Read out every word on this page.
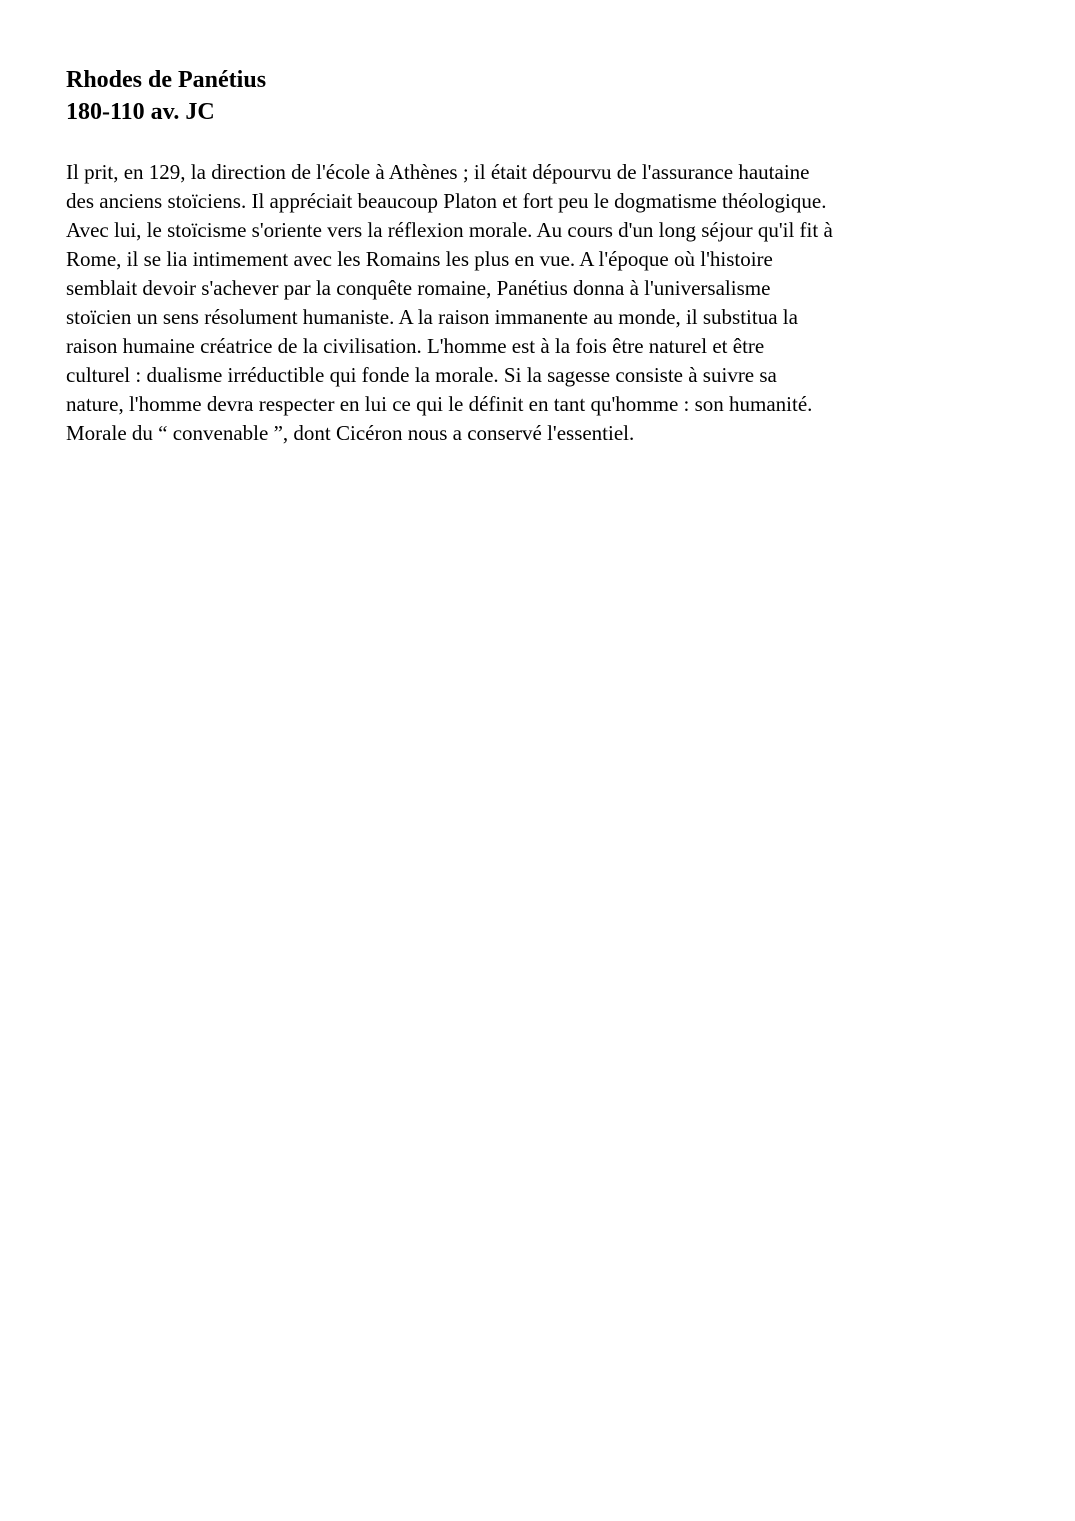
Rhodes de Panétius
180-110 av. JC

Il prit, en 129, la direction de l'école à Athènes ; il était dépourvu de l'assurance hautaine
des anciens stoïciens. Il appréciait beaucoup Platon et fort peu le dogmatisme théologique.
Avec lui, le stoïcisme s'oriente vers la réflexion morale. Au cours d'un long séjour qu'il fit à
Rome, il se lia intimement avec les Romains les plus en vue. A l'époque où l'histoire
semblait devoir s'achever par la conquête romaine, Panétius donna à l'universalisme
stoïcien un sens résolument humaniste. A la raison immanente au monde, il substitua la
raison humaine créatrice de la civilisation. L'homme est à la fois être naturel et être
culturel : dualisme irréductible qui fonde la morale. Si la sagesse consiste à suivre sa
nature, l'homme devra respecter en lui ce qui le définit en tant qu'homme : son humanité.
Morale du “ convenable ”, dont Cicéron nous a conservé l'essentiel.
